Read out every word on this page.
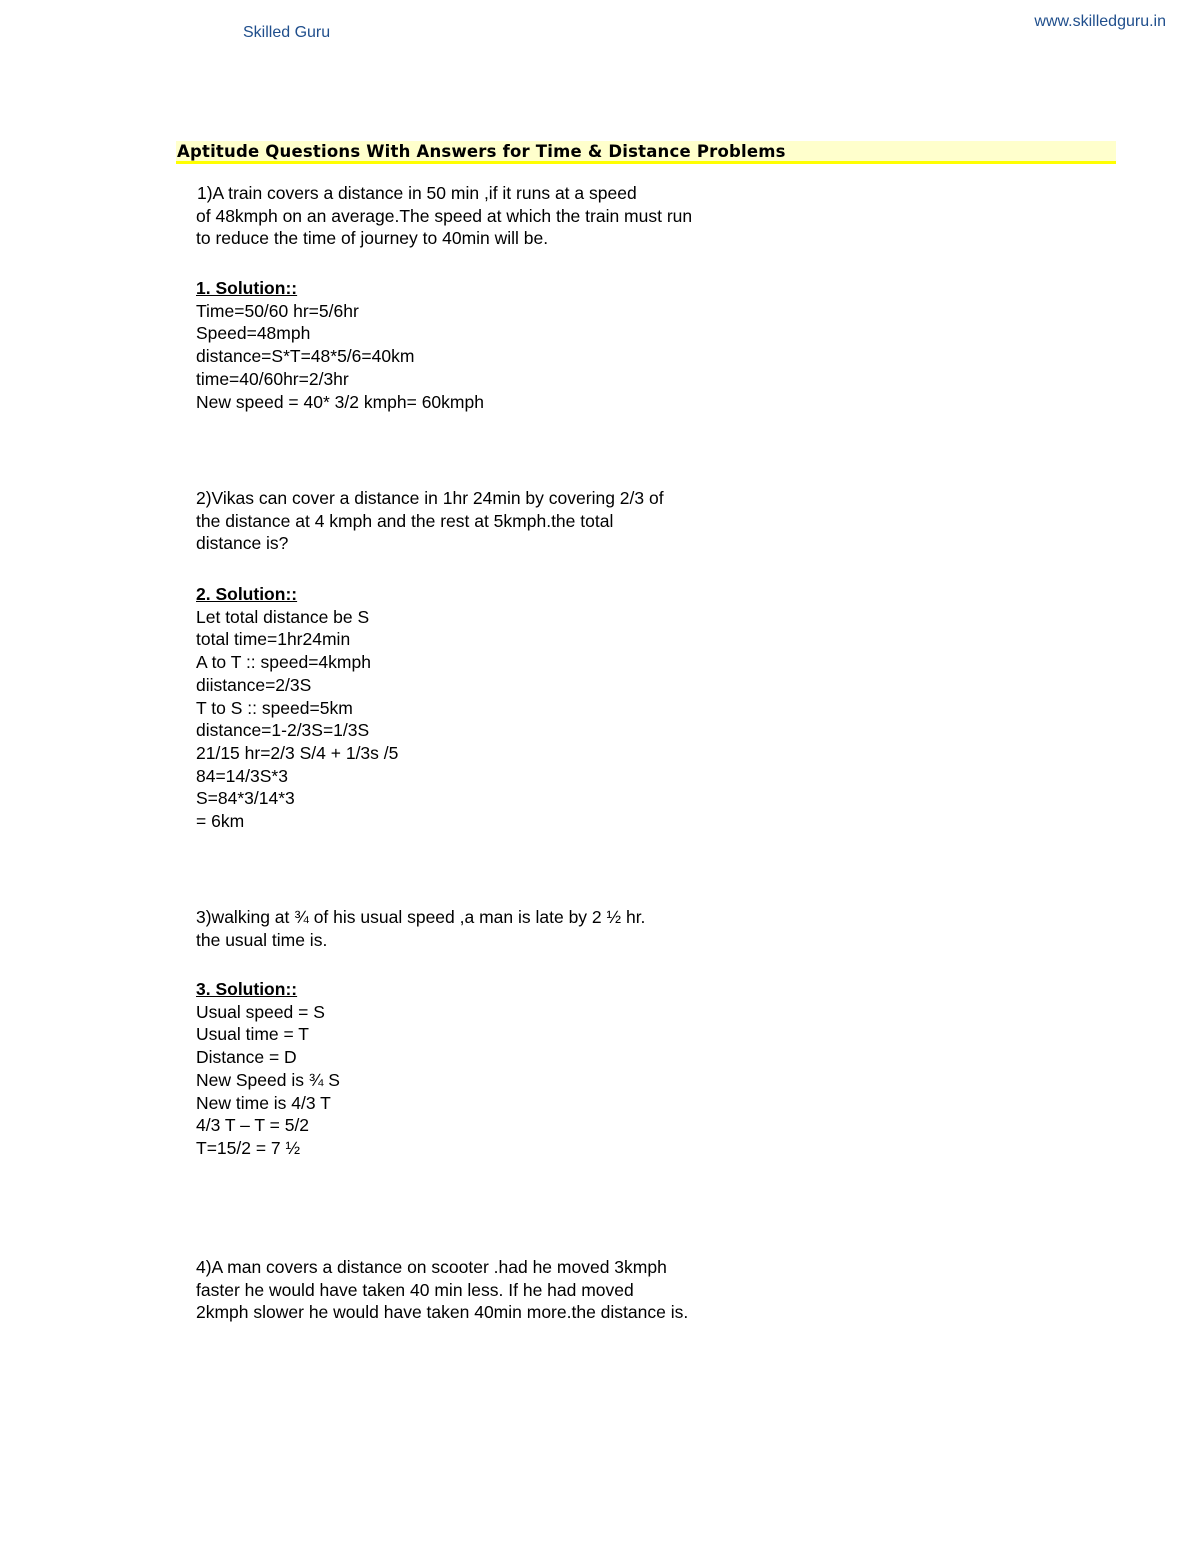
Skilled Guru
www.skilledguru.in
Aptitude Questions With Answers for Time & Distance Problems
1)A train covers a distance in 50 min ,if it runs at a speed
of 48kmph on an average.The speed at which the train must run
to reduce the time of journey to 40min will be.
1. Solution::
Time=50/60 hr=5/6hr
Speed=48mph
distance=S*T=48*5/6=40km
time=40/60hr=2/3hr
New speed = 40* 3/2 kmph= 60kmph
2)Vikas can cover a distance in 1hr 24min by covering 2/3 of
the distance at 4 kmph and the rest at 5kmph.the total
distance is?
2. Solution::
Let total distance be S
total time=1hr24min
A to T :: speed=4kmph
diistance=2/3S
T to S :: speed=5km
distance=1-2/3S=1/3S
21/15 hr=2/3 S/4 + 1/3s /5
84=14/3S*3
S=84*3/14*3
= 6km
3)walking at ¾ of his usual speed ,a man is late by 2 ½ hr.
the usual time is.
3. Solution::
Usual speed = S
Usual time = T
Distance = D
New Speed is ¾ S
New time is 4/3 T
4/3 T – T = 5/2
T=15/2 = 7 ½
4)A man covers a distance on scooter .had he moved 3kmph
faster he would have taken 40 min less. If he had moved
2kmph slower he would have taken 40min more.the distance is.
